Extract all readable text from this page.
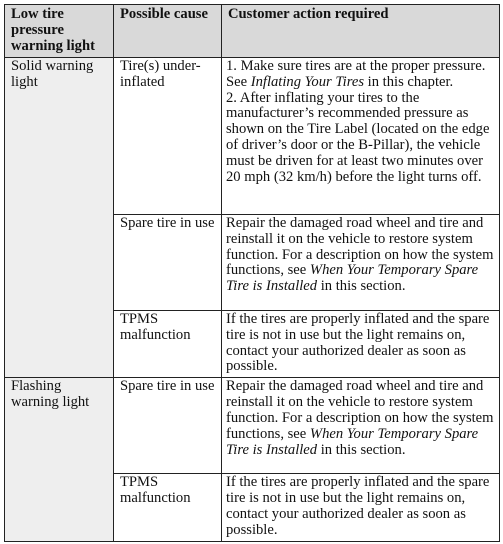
Low tire pressure warning light	Possible cause	Customer action required
Solid warning light	Tire(s) under-inflated	1. Make sure tires are at the proper pressure. See Inflating Your Tires in this chapter.
2. After inflating your tires to the manufacturer’s recommended pressure as shown on the Tire Label (located on the edge of driver’s door or the B-Pillar), the vehicle must be driven for at least two minutes over 20 mph (32 km/h) before the light turns off.

	Spare tire in use	Repair the damaged road wheel and tire and reinstall it on the vehicle to restore system function. For a description on how the system functions, see When Your Temporary Spare Tire is Installed in this section.
	TPMS malfunction	If the tires are properly inflated and the spare tire is not in use but the light remains on, contact your authorized dealer as soon as possible.
Flashing warning light	Spare tire in use	Repair the damaged road wheel and tire and reinstall it on the vehicle to restore system function. For a description on how the system functions, see When Your Temporary Spare Tire is Installed in this section.
	TPMS malfunction	If the tires are properly inflated and the spare tire is not in use but the light remains on, contact your authorized dealer as soon as possible.
